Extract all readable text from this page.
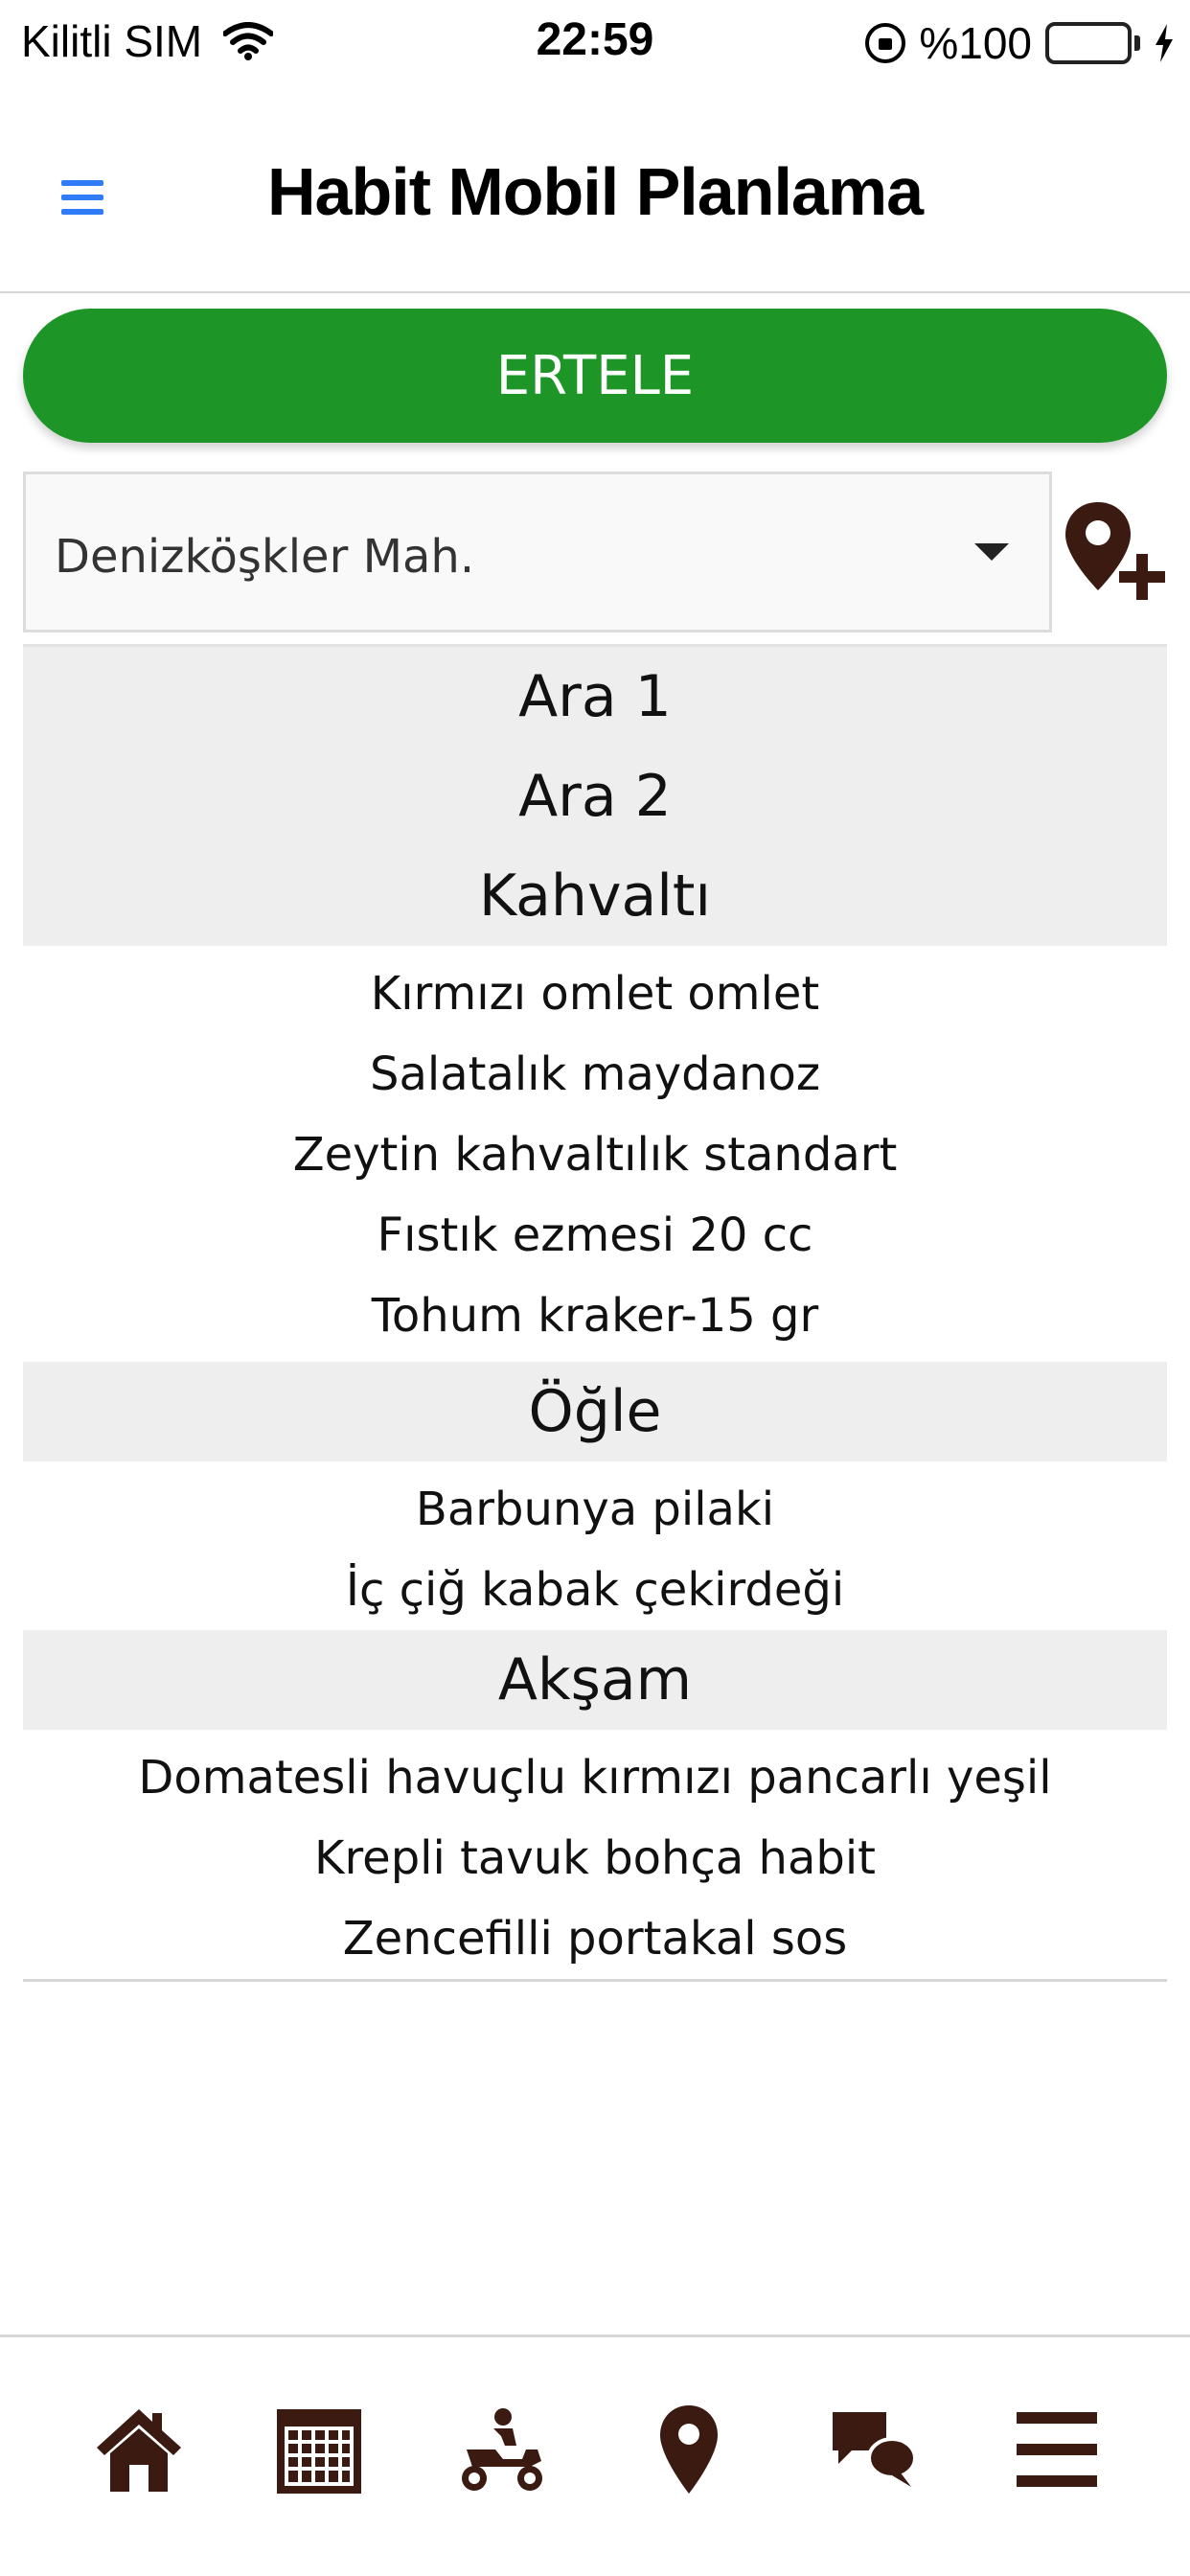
Kilitli SIM	22:59	%100
Habit Mobil Planlama
ERTELE
Denizköşkler Mah.
Ara 1
Ara 2
Kahvaltı
Kırmızı omlet omlet
Salatalık maydanoz
Zeytin kahvaltılık standart
Fıstık ezmesi 20 cc
Tohum kraker-15 gr
Öğle
Barbunya pilaki
İç çiğ kabak çekirdeği
Akşam
Domatesli havuçlu kırmızı pancarlı yeşil
Krepli tavuk bohça habit
Zencefilli portakal sos
